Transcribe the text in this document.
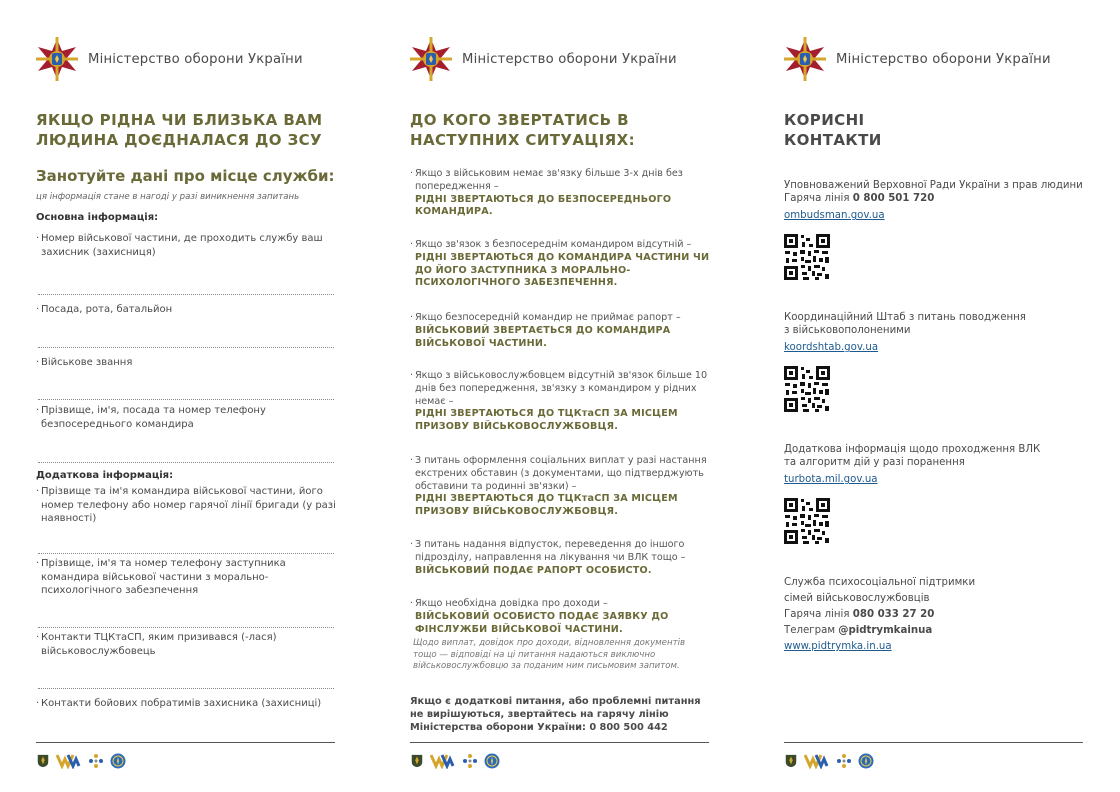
Міністерство оборони України
ЯКЩО РІДНА ЧИ БЛИЗЬКА ВАМ ЛЮДИНА ДОЄДНАЛАСЯ ДО ЗСУ
Занотуйте дані про місце служби:

ця інформація стане в нагоді у разі виникнення запитань

Основна інформація:
· Номер військової частини, де проходить службу ваш захисник (захисниця)
· Посада, рота, батальйон
· Військове звання
· Прізвище, ім'я, посада та номер телефону безпосереднього командира
Додаткова інформація:
· Прізвище та ім'я командира військової частини, його номер телефону або номер гарячої лінії бригади (у разі наявності)
· Прізвище, ім'я та номер телефону заступника командира військової частини з морально-психологічного забезпечення
· Контакти ТЦКтаСП, яким призивався (-лася) військовослужбовець
· Контакти бойових побратимів захисника (захисниці)
Міністерство оборони України
ДО КОГО ЗВЕРТАТИСЬ В НАСТУПНИХ СИТУАЦІЯХ:
· Якщо з військовим немає зв'язку більше 3-х днів без попередження –
РІДНІ ЗВЕРТАЮТЬСЯ ДО БЕЗПОСЕРЕДНЬОГО КОМАНДИРА.
· Якщо зв'язок з безпосереднім командиром відсутній –
РІДНІ ЗВЕРТАЮТЬСЯ ДО КОМАНДИРА ЧАСТИНИ ЧИ ДО ЙОГО ЗАСТУПНИКА З МОРАЛЬНО-ПСИХОЛОГІЧНОГО ЗАБЕЗПЕЧЕННЯ.
· Якщо безпосередній командир не приймає рапорт –
ВІЙСЬКОВИЙ ЗВЕРТАЄТЬСЯ ДО КОМАНДИРА ВІЙСЬКОВОЇ ЧАСТИНИ.
· Якщо з військовослужбовцем відсутній зв'язок більше 10 днів без попередження, зв'язку з командиром у рідних немає –
РІДНІ ЗВЕРТАЮТЬСЯ ДО ТЦКтаСП ЗА МІСЦЕМ ПРИЗОВУ ВІЙСЬКОВОСЛУЖБОВЦЯ.
· З питань оформлення соціальних виплат у разі настання екстрених обставин (з документами, що підтверджують обставини та родинні зв'язки) –
РІДНІ ЗВЕРТАЮТЬСЯ ДО ТЦКтаСП ЗА МІСЦЕМ ПРИЗОВУ ВІЙСЬКОВОСЛУЖБОВЦЯ.
· З питань надання відпусток, переведення до іншого підрозділу, направлення на лікування чи ВЛК тощо –
ВІЙСЬКОВИЙ ПОДАЄ РАПОРТ ОСОБИСТО.
· Якщо необхідна довідка про доходи –
ВІЙСЬКОВИЙ ОСОБИСТО ПОДАЄ ЗАЯВКУ ДО ФІНСЛУЖБИ ВІЙСЬКОВОЇ ЧАСТИНИ.
Щодо виплат, довідок про доходи, відновлення документів тощо — відповіді на ці питання надаються виключно військовослужбовцю за поданим ним письмовим запитом.

Якщо є додаткові питання, або проблемні питання не вирішуються, звертайтесь на гарячу лінію Міністерства оборони України: 0 800 500 442

Міністерство оборони України
КОРИСНІ КОНТАКТИ
Уповноважений Верховної Ради України з прав людини
Гаряча лінія 0 800 501 720
ombudsman.gov.ua
Координаційний Штаб з питань поводження
з військовополоненими
koordshtab.gov.ua
Додаткова інформація щодо проходження ВЛК
та алгоритм дій у разі поранення
turbota.mil.gov.ua
Служба психосоціальної підтримки
сімей військовослужбовців
Гаряча лінія 080 033 27 20
Телеграм @pidtrymkainua
www.pidtrymka.in.ua
